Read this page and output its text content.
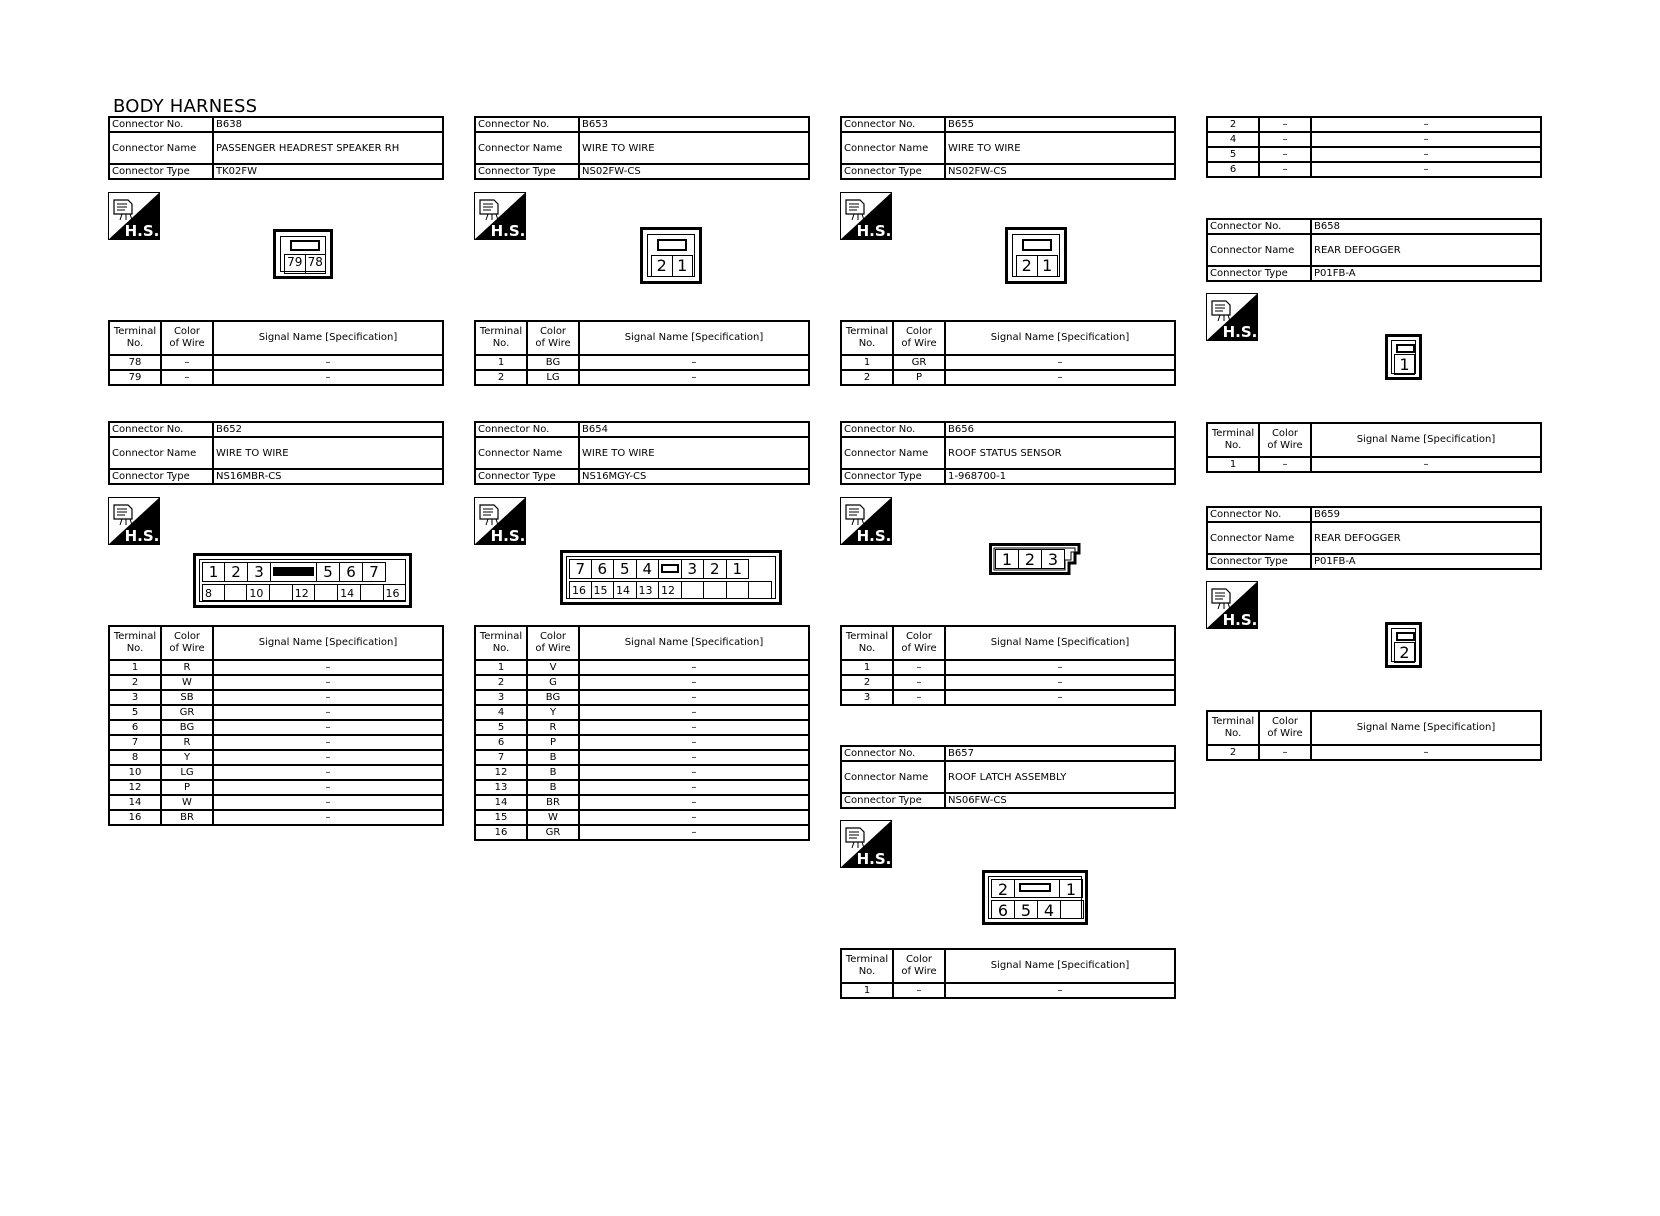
BODY HARNESS
Connector No.	B638
Connector Name	PASSENGER HEADREST SPEAKER RH
Connector Type	TK02FW
H.S.
79 78
Terminal
No.	Color
of Wire	Signal Name [Specification]
78	–	–
79	–	–
Connector No.	B652
Connector Name	WIRE TO WIRE
Connector Type	NS16MBR-CS
H.S.
1 2 3	5 6 7
8	10	12	14	16
Terminal
No.	Color
of Wire	Signal Name [Specification]
1	R	–
2	W	–
3	SB	–
5	GR	–
6	BG	–
7	R	–
8	Y	–
10	LG	–
12	P	–
14	W	–
16	BR	–
Connector No.	B653
Connector Name	WIRE TO WIRE
Connector Type	NS02FW-CS
H.S.
2 1
Terminal
No.	Color
of Wire	Signal Name [Specification]
1	BG	–
2	LG	–
Connector No.	B654
Connector Name	WIRE TO WIRE
Connector Type	NS16MGY-CS
H.S.
7 6 5 4	3 2 1
16 15 14 13 12
Terminal
No.	Color
of Wire	Signal Name [Specification]
1	V	–
2	G	–
3	BG	–
4	Y	–
5	R	–
6	P	–
7	B	–
12	B	–
13	B	–
14	BR	–
15	W	–
16	GR	–
Connector No.	B655
Connector Name	WIRE TO WIRE
Connector Type	NS02FW-CS
H.S.
2 1
Terminal
No.	Color
of Wire	Signal Name [Specification]
1	GR	–
2	P	–
Connector No.	B656
Connector Name	ROOF STATUS SENSOR
Connector Type	1-968700-1
H.S.
1 2 3
Terminal
No.	Color
of Wire	Signal Name [Specification]
1	–	–
2	–	–
3	–	–
Connector No.	B657
Connector Name	ROOF LATCH ASSEMBLY
Connector Type	NS06FW-CS
H.S.
2	1
6 5 4
Terminal
No.	Color
of Wire	Signal Name [Specification]
1	–	–
2	–	–
4	–	–
5	–	–
6	–	–
Connector No.	B658
Connector Name	REAR DEFOGGER
Connector Type	P01FB-A
H.S.
1
Terminal
No.	Color
of Wire	Signal Name [Specification]
1	–	–
Connector No.	B659
Connector Name	REAR DEFOGGER
Connector Type	P01FB-A
H.S.
2
Terminal
No.	Color
of Wire	Signal Name [Specification]
2	–	–
